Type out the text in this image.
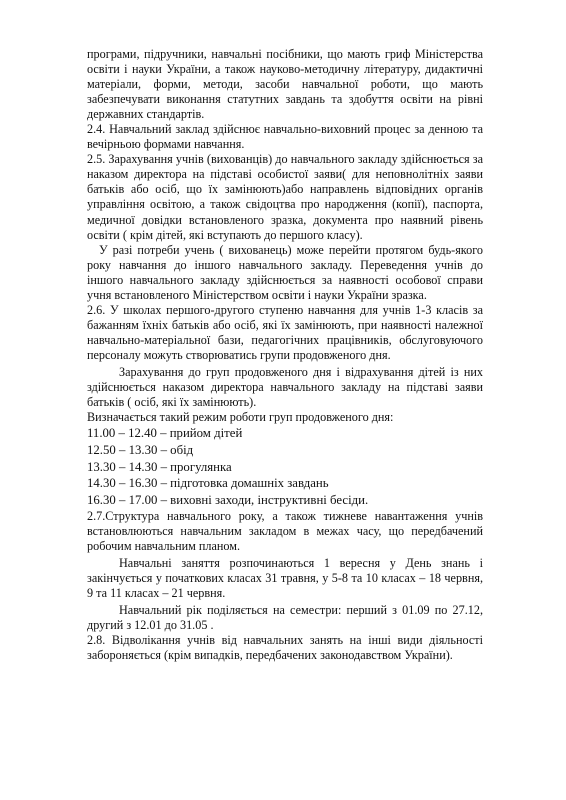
програми, підручники, навчальні посібники, що мають гриф Міністерства освіти і науки України, а також науково-методичну літературу, дидактичні матеріали, форми, методи, засоби навчальної роботи, що мають забезпечувати виконання статутних завдань та здобуття освіти на рівні державних стандартів.

2.4. Навчальний заклад здійснює навчально-виховний процес за денною та вечірньою формами навчання.

2.5. Зарахування учнів (вихованців) до навчального закладу здійснюється за наказом директора на підставі особистої заяви( для неповнолітніх заяви батьків або осіб, що їх замінюють)або направлень відповідних органів управління освітою, а також свідоцтва про народження (копії), паспорта, медичної довідки встановленого зразка, документа про наявний рівень освіти ( крім дітей, які вступають до першого класу).

У разі потреби учень ( вихованець) може перейти протягом будь-якого року навчання до іншого навчального закладу. Переведення учнів до іншого навчального закладу здійснюється за наявності особової справи учня встановленого Міністерством освіти і науки України зразка.

2.6. У школах першого-другого ступеню навчання для учнів 1-3 класів за бажанням їхніх батьків або осіб, які їх замінюють, при наявності належної навчально-матеріальної бази, педагогічних працівників, обслуговуючого персоналу можуть створюватись групи продовженого дня.

Зарахування до груп продовженого дня і відрахування дітей із них здійснюється наказом директора навчального закладу на підставі заяви батьків ( осіб, які їх замінюють).

Визначається такий режим роботи груп продовженого дня:

11.00 – 12.40 – прийом дітей
12.50 – 13.30 – обід
13.30 – 14.30 – прогулянка
14.30 – 16.30 – підготовка домашніх завдань
16.30 – 17.00 – виховні заходи, інструктивні бесіди.

2.7.Структура навчального року, а також тижневе навантаження учнів встановлюються навчальним закладом в межах часу, що передбачений робочим навчальним планом.

Навчальні заняття розпочинаються 1 вересня у День знань і закінчується у початкових класах 31 травня, у 5-8 та 10 класах – 18 червня, 9 та 11 класах – 21 червня.

Навчальний рік поділяється на семестри: перший з 01.09 по 27.12, другий з 12.01 до 31.05 .

2.8. Відволікання учнів від навчальних занять на інші види діяльності забороняється (крім випадків, передбачених законодавством України).
